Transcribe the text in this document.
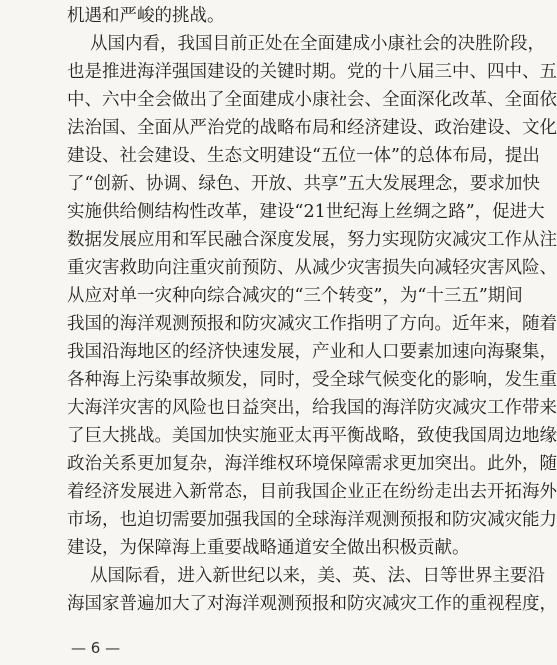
机遇和严峻的挑战。
从国内看，我国目前正处在全面建成小康社会的决胜阶段，
也是推进海洋强国建设的关键时期。党的十八届三中、四中、五
中、六中全会做出了全面建成小康社会、全面深化改革、全面依
法治国、全面从严治党的战略布局和经济建设、政治建设、文化
建设、社会建设、生态文明建设“五位一体”的总体布局，提出
了“创新、协调、绿色、开放、共享”五大发展理念，要求加快
实施供给侧结构性改革，建设“21世纪海上丝绸之路”，促进大
数据发展应用和军民融合深度发展，努力实现防灾减灾工作从注
重灾害救助向注重灾前预防、从减少灾害损失向减轻灾害风险、
从应对单一灾种向综合减灾的“三个转变”，为“十三五”期间
我国的海洋观测预报和防灾减灾工作指明了方向。近年来，随着
我国沿海地区的经济快速发展，产业和人口要素加速向海聚集，
各种海上污染事故频发，同时，受全球气候变化的影响，发生重
大海洋灾害的风险也日益突出，给我国的海洋防灾减灾工作带来
了巨大挑战。美国加快实施亚太再平衡战略，致使我国周边地缘
政治关系更加复杂，海洋维权环境保障需求更加突出。此外，随
着经济发展进入新常态，目前我国企业正在纷纷走出去开拓海外
市场，也迫切需要加强我国的全球海洋观测预报和防灾减灾能力
建设，为保障海上重要战略通道安全做出积极贡献。
从国际看，进入新世纪以来，美、英、法、日等世界主要沿
海国家普遍加大了对海洋观测预报和防灾减灾工作的重视程度，
— 6 —
